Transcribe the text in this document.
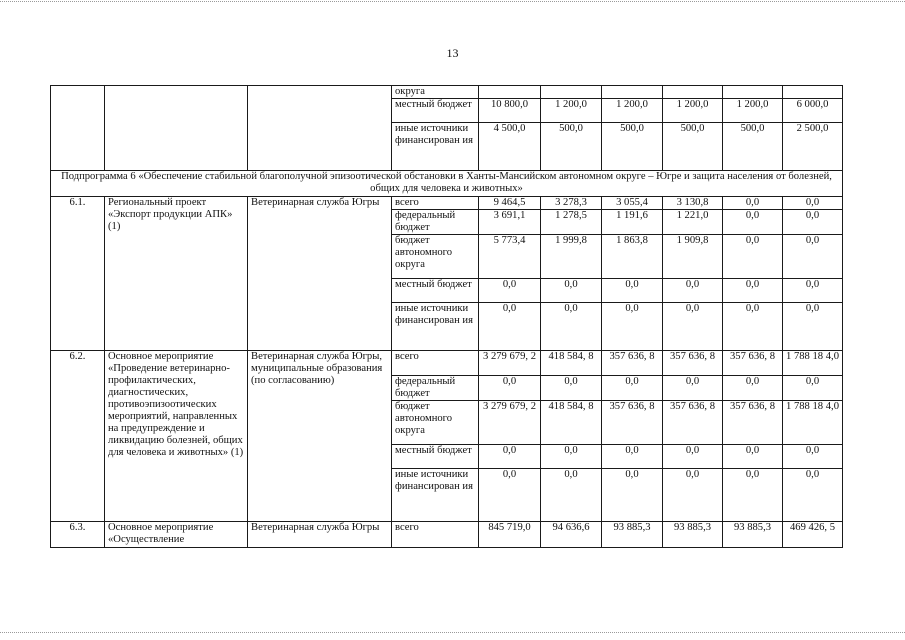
13
			округа						
			местный бюджет	10 800,0	1 200,0	1 200,0	1 200,0	1 200,0	6 000,0
			иные источники финансирован ия	4 500,0	500,0	500,0	500,0	500,0	2 500,0
Подпрограмма 6 «Обеспечение стабильной благополучной эпизоотической обстановки в Ханты-Мансийском автономном округе – Югре и защита населения от болезней, общих для человека и животных»									
6.1.	Региональный проект «Экспорт продукции АПК» (1)	Ветеринарная служба Югры	всего	9 464,5	3 278,3	3 055,4	3 130,8	0,0	0,0
			федеральный бюджет	3 691,1	1 278,5	1 191,6	1 221,0	0,0	0,0
			бюджет автономного округа	5 773,4	1 999,8	1 863,8	1 909,8	0,0	0,0
			местный бюджет	0,0	0,0	0,0	0,0	0,0	0,0
			иные источники финансирован ия	0,0	0,0	0,0	0,0	0,0	0,0
6.2.	Основное мероприятие «Проведение ветеринарно-профилактических, диагностических, противоэпизоотических мероприятий, направленных на предупреждение и ликвидацию болезней, общих для человека и животных» (1)	Ветеринарная служба Югры, муниципальные образования (по согласованию)	всего	3 279 679, 2	418 584, 8	357 636, 8	357 636, 8	357 636, 8	1 788 18 4,0
			федеральный бюджет	0,0	0,0	0,0	0,0	0,0	0,0
			бюджет автономного округа	3 279 679, 2	418 584, 8	357 636, 8	357 636, 8	357 636, 8	1 788 18 4,0
			местный бюджет	0,0	0,0	0,0	0,0	0,0	0,0
			иные источники финансирован ия	0,0	0,0	0,0	0,0	0,0	0,0
6.3.	Основное мероприятие «Осуществление	Ветеринарная служба Югры	всего	845 719,0	94 636,6	93 885,3	93 885,3	93 885,3	469 426, 5
